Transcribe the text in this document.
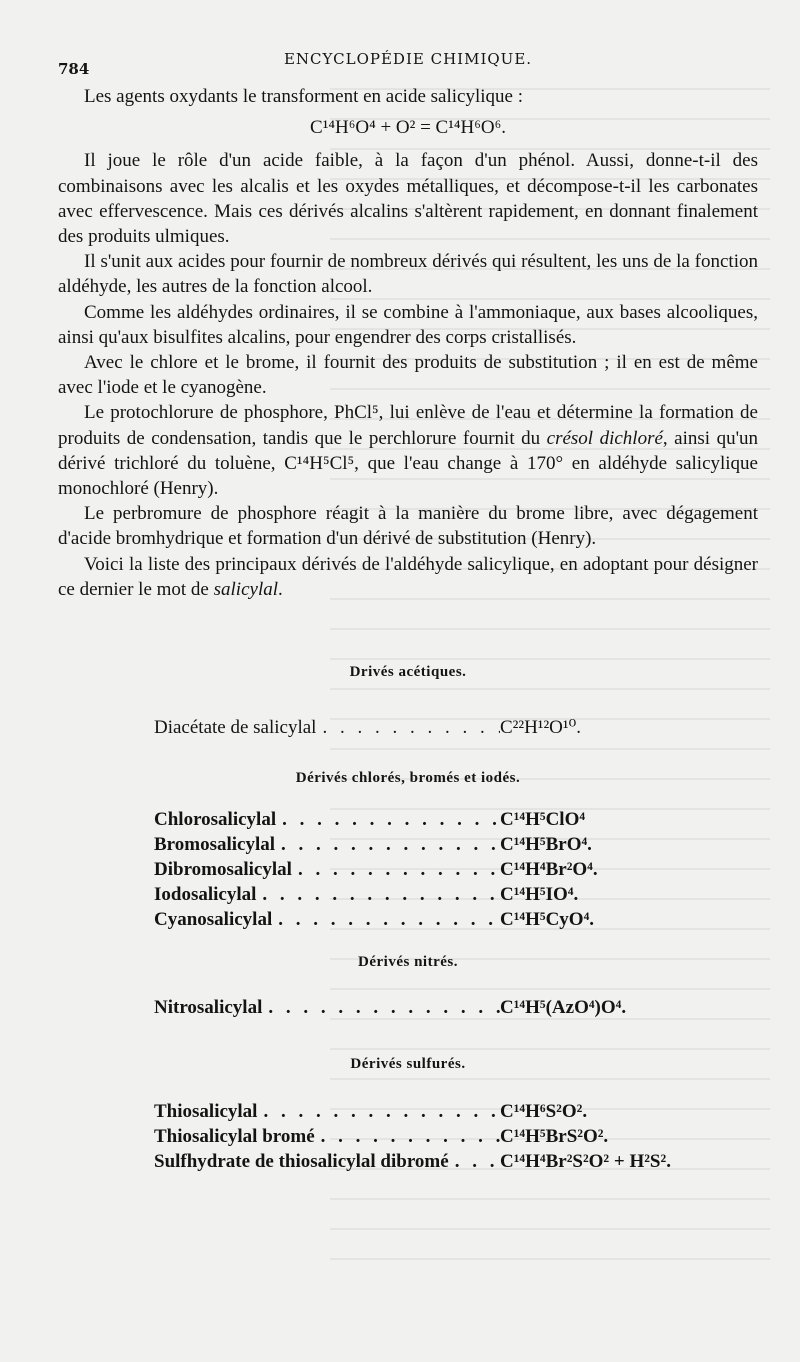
784
ENCYCLOPÉDIE CHIMIQUE.

Les agents oxydants le transforment en acide salicylique :

C¹⁴H⁶O⁴ + O² = C¹⁴H⁶O⁶.

Il joue le rôle d'un acide faible, à la façon d'un phénol. Aussi, donne-t-il des combinaisons avec les alcalis et les oxydes métalliques, et décompose-t-il les carbonates avec effervescence. Mais ces dérivés alcalins s'altèrent rapidement, en donnant finalement des produits ulmiques.

Il s'unit aux acides pour fournir de nombreux dérivés qui résultent, les uns de la fonction aldéhyde, les autres de la fonction alcool.

Comme les aldéhydes ordinaires, il se combine à l'ammoniaque, aux bases alcooliques, ainsi qu'aux bisulfites alcalins, pour engendrer des corps cristallisés.

Avec le chlore et le brome, il fournit des produits de substitution ; il en est de même avec l'iode et le cyanogène.

Le protochlorure de phosphore, PhCl⁵, lui enlève de l'eau et détermine la formation de produits de condensation, tandis que le perchlorure fournit du crésol dichloré, ainsi qu'un dérivé trichloré du toluène, C¹⁴H⁵Cl⁵, que l'eau change à 170° en aldéhyde salicylique monochloré (Henry).

Le perbromure de phosphore réagit à la manière du brome libre, avec dégagement d'acide bromhydrique et formation d'un dérivé de substitution (Henry).

Voici la liste des principaux dérivés de l'aldéhyde salicylique, en adoptant pour désigner ce dernier le mot de salicylal.

Drivés acétiques.

Diacétate de salicylal . . .	C²²H¹²O¹⁰.

Dérivés chlorés, bromés et iodés.

Chlorosalicylal . . .	C¹⁴H⁵ClO⁴
Bromosalicylal . . .	C¹⁴H⁵BrO⁴.
Dibromosalicylal . . .	C¹⁴H⁴Br²O⁴.
Iodosalicylal . . .	C¹⁴H⁵IO⁴.
Cyanosalicylal . . .	C¹⁴H⁵CyO⁴.

Dérivés nitrés.

Nitrosalicylal . . .	C¹⁴H⁵(AzO⁴)O⁴.

Dérivés sulfurés.

Thiosalicylal . . .	C¹⁴H⁶S²O².
Thiosalicylal bromé . . .	C¹⁴H⁵BrS²O².
Sulfhydrate de thiosalicylal dibromé . . .	C¹⁴H⁴Br²S²O² + H²S².
